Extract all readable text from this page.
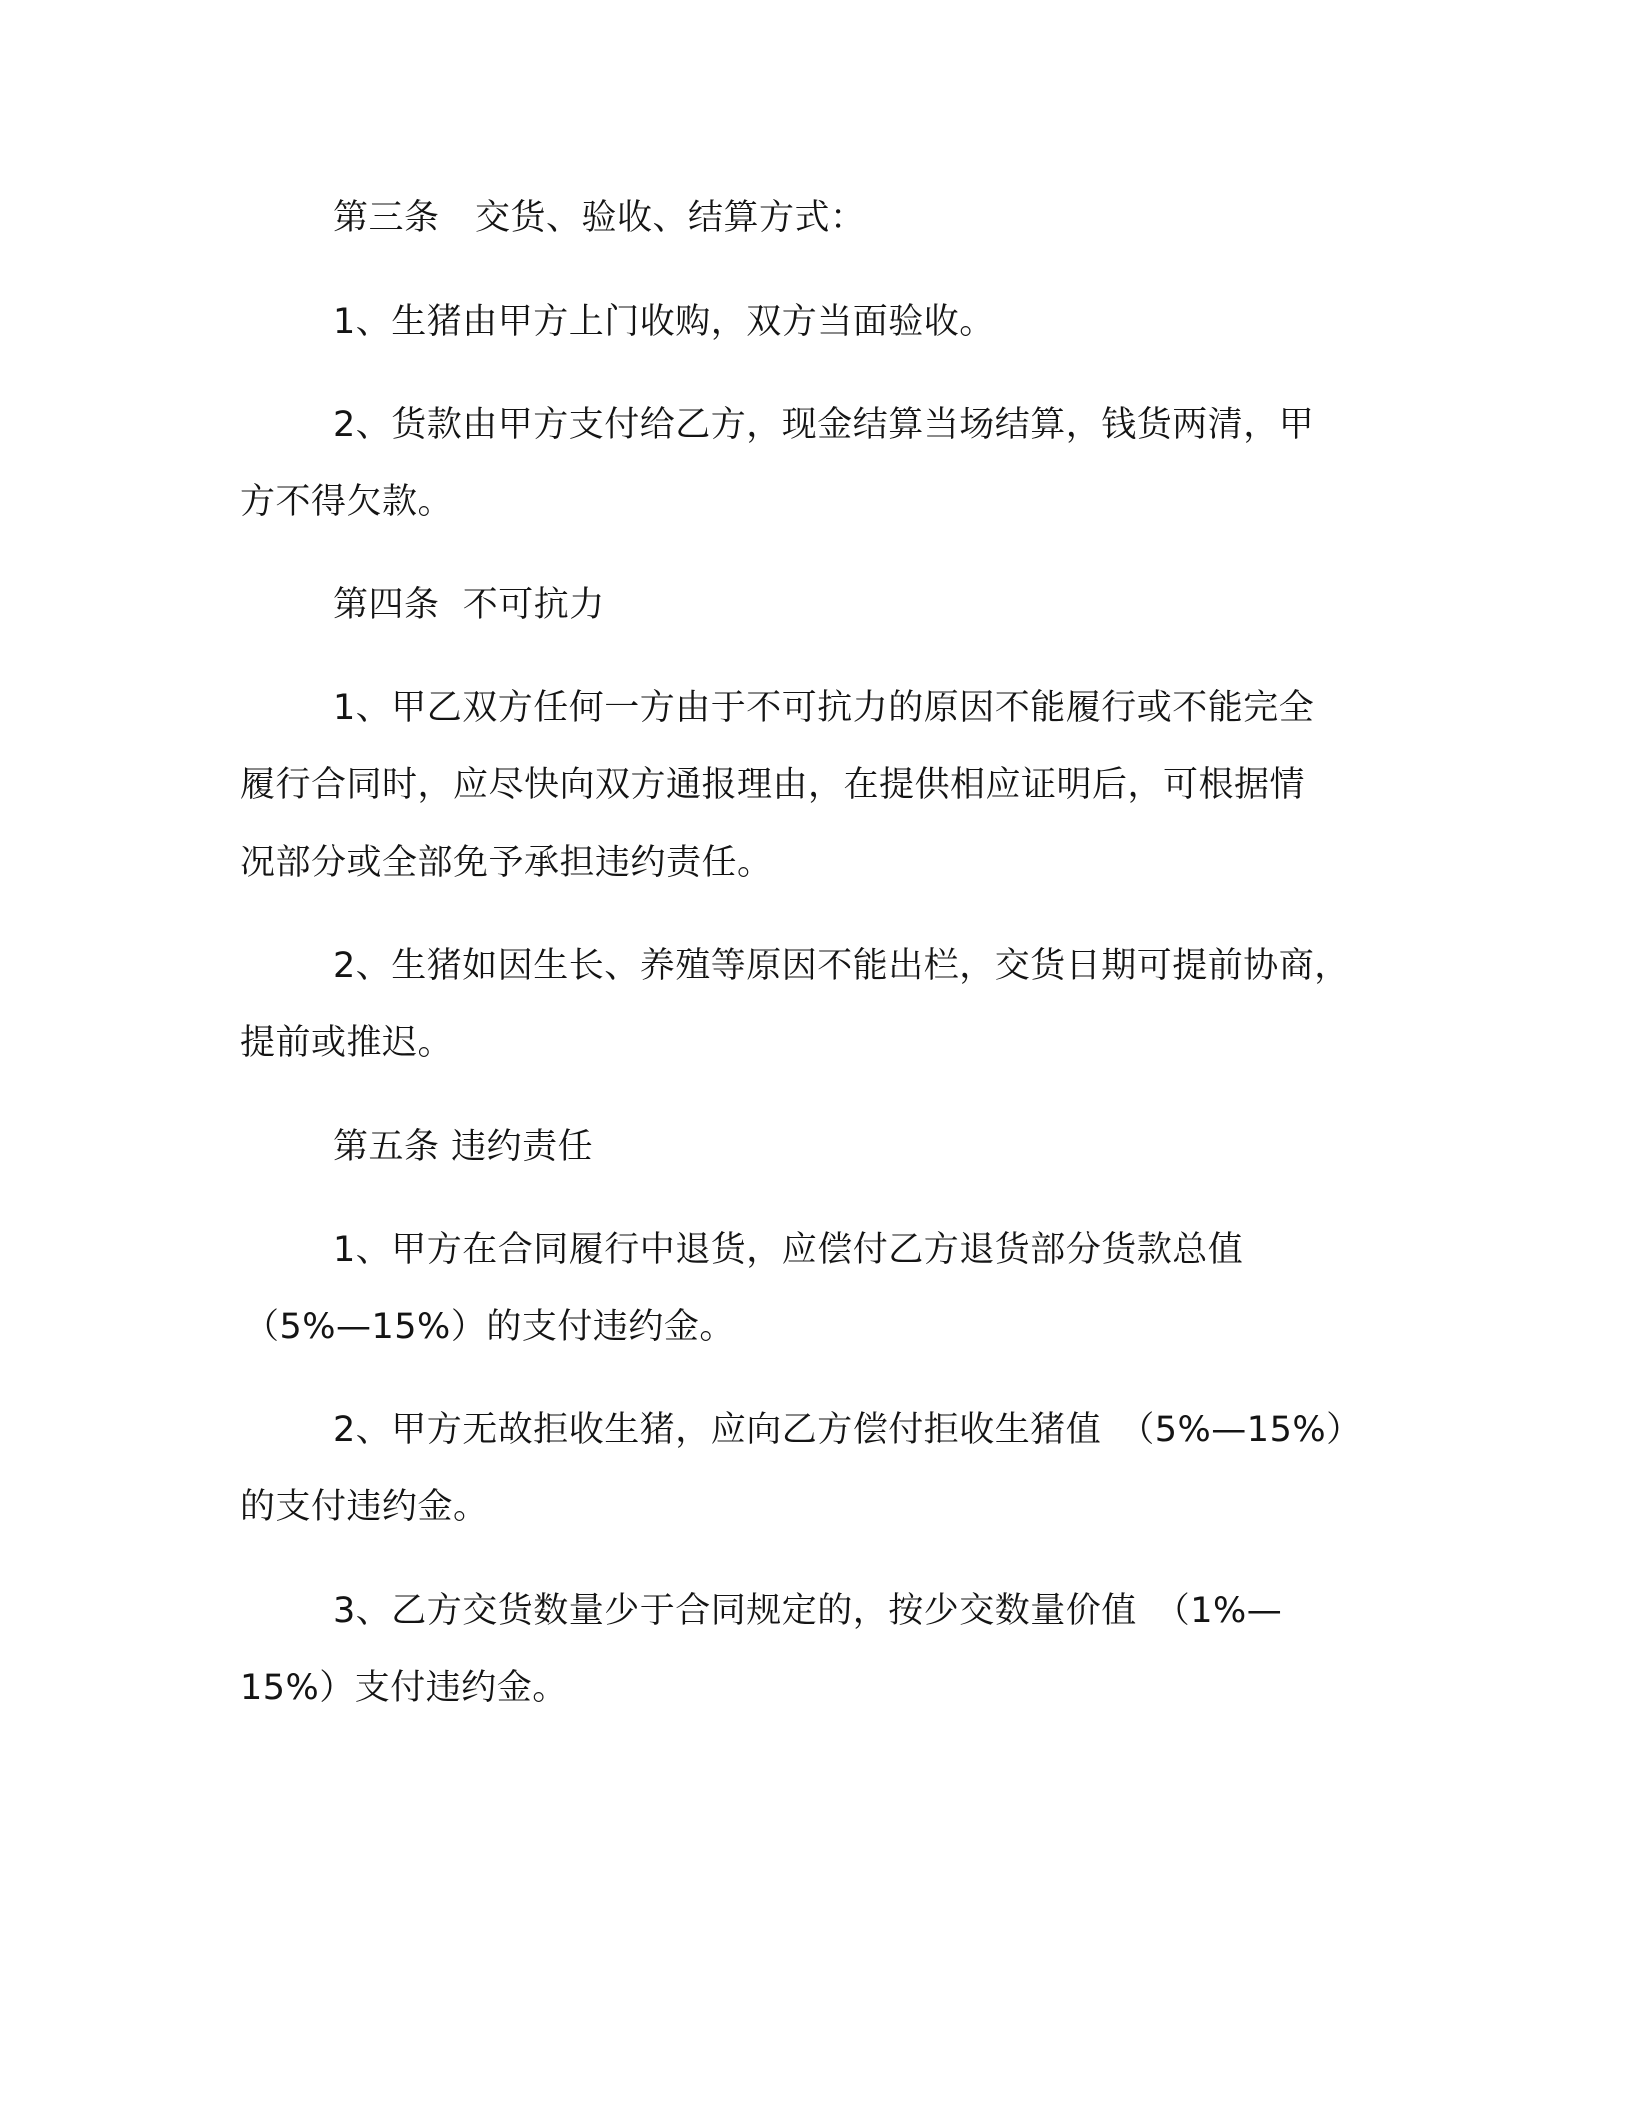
第三条　交货、验收、结算方式：
1、生猪由甲方上门收购，双方当面验收。
2、货款由甲方支付给乙方，现金结算当场结算，钱货两清，甲
方不得欠款。
第四条  不可抗力
1、甲乙双方任何一方由于不可抗力的原因不能履行或不能完全
履行合同时，应尽快向双方通报理由，在提供相应证明后，可根据情
况部分或全部免予承担违约责任。
2、生猪如因生长、养殖等原因不能出栏，交货日期可提前协商，
提前或推迟。
第五条 违约责任
1、甲方在合同履行中退货，应偿付乙方退货部分货款总值
（5%—15%）的支付违约金。
2、甲方无故拒收生猪，应向乙方偿付拒收生猪值　（5%—15%）
的支付违约金。
3、乙方交货数量少于合同规定的，按少交数量价值　（1%—
15%）支付违约金。
